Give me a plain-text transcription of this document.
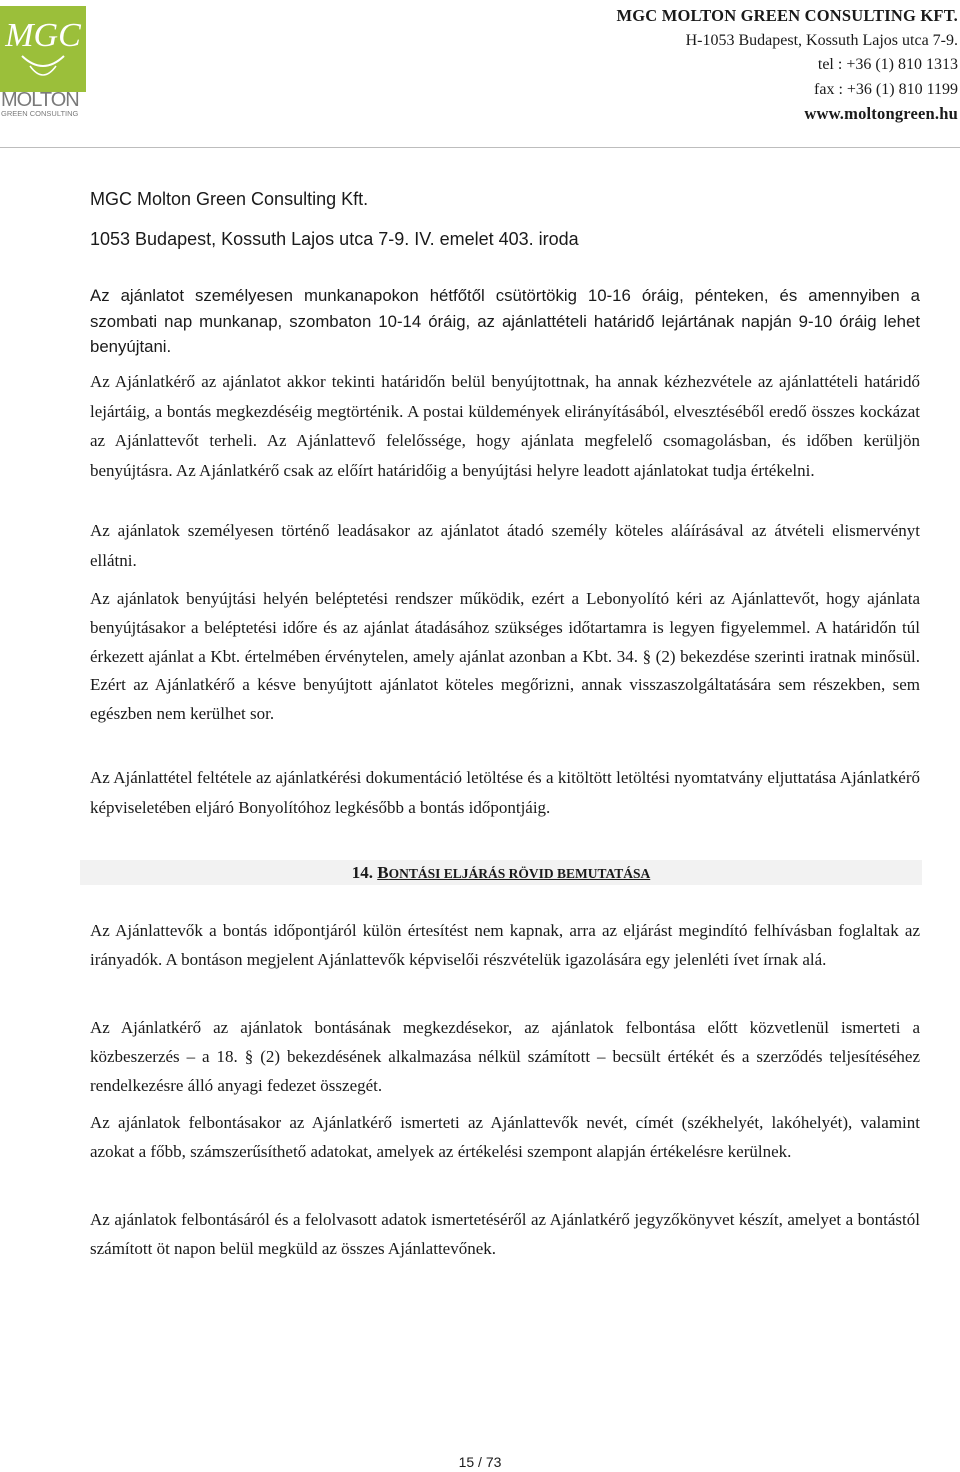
MGC
MOLTON
GREEN CONSULTING
MGC MOLTON GREEN CONSULTING KFT.
H-1053 Budapest, Kossuth Lajos utca 7-9.
tel : +36 (1) 810 1313
fax : +36 (1) 810 1199
www.moltongreen.hu
MGC Molton Green Consulting Kft.
1053 Budapest, Kossuth Lajos utca 7-9. IV. emelet 403. iroda
Az ajánlatot személyesen munkanapokon hétfőtől csütörtökig 10-16 óráig, pénteken, és amennyiben a szombati nap munkanap, szombaton 10-14 óráig, az ajánlattételi határidő lejártának napján 9-10 óráig lehet benyújtani.
Az Ajánlatkérő az ajánlatot akkor tekinti határidőn belül benyújtottnak, ha annak kézhezvétele az ajánlattételi határidő lejártáig, a bontás megkezdéséig megtörténik. A postai küldemények elirányításából, elvesztéséből eredő összes kockázat az Ajánlattevőt terheli. Az Ajánlattevő felelőssége, hogy ajánlata megfelelő csomagolásban, és időben kerüljön benyújtásra. Az Ajánlatkérő csak az előírt határidőig a benyújtási helyre leadott ajánlatokat tudja értékelni.
Az ajánlatok személyesen történő leadásakor az ajánlatot átadó személy köteles aláírásával az átvételi elismervényt ellátni.
Az ajánlatok benyújtási helyén beléptetési rendszer működik, ezért a Lebonyolító kéri az Ajánlattevőt, hogy ajánlata benyújtásakor a beléptetési időre és az ajánlat átadásához szükséges időtartamra is legyen figyelemmel. A határidőn túl érkezett ajánlat a Kbt. értelmében érvénytelen, amely ajánlat azonban a Kbt. 34. § (2) bekezdése szerinti iratnak minősül. Ezért az Ajánlatkérő a késve benyújtott ajánlatot köteles megőrizni, annak visszaszolgáltatására sem részekben, sem egészben nem kerülhet sor.
Az Ajánlattétel feltétele az ajánlatkérési dokumentáció letöltése és a kitöltött letöltési nyomtatvány eljuttatása Ajánlatkérő képviseletében eljáró Bonyolítóhoz legkésőbb a bontás időpontjáig.
14. BONTÁSI ELJÁRÁS RÖVID BEMUTATÁSA
Az Ajánlattevők a bontás időpontjáról külön értesítést nem kapnak, arra az eljárást megindító felhívásban foglaltak az irányadók. A bontáson megjelent Ajánlattevők képviselői részvételük igazolására egy jelenléti ívet írnak alá.
Az Ajánlatkérő az ajánlatok bontásának megkezdésekor, az ajánlatok felbontása előtt közvetlenül ismerteti a közbeszerzés – a 18. § (2) bekezdésének alkalmazása nélkül számított – becsült értékét és a szerződés teljesítéséhez rendelkezésre álló anyagi fedezet összegét.
Az ajánlatok felbontásakor az Ajánlatkérő ismerteti az Ajánlattevők nevét, címét (székhelyét, lakóhelyét), valamint azokat a főbb, számszerűsíthető adatokat, amelyek az értékelési szempont alapján értékelésre kerülnek.
Az ajánlatok felbontásáról és a felolvasott adatok ismertetéséről az Ajánlatkérő jegyzőkönyvet készít, amelyet a bontástól számított öt napon belül megküld az összes Ajánlattevőnek.
15 / 73
